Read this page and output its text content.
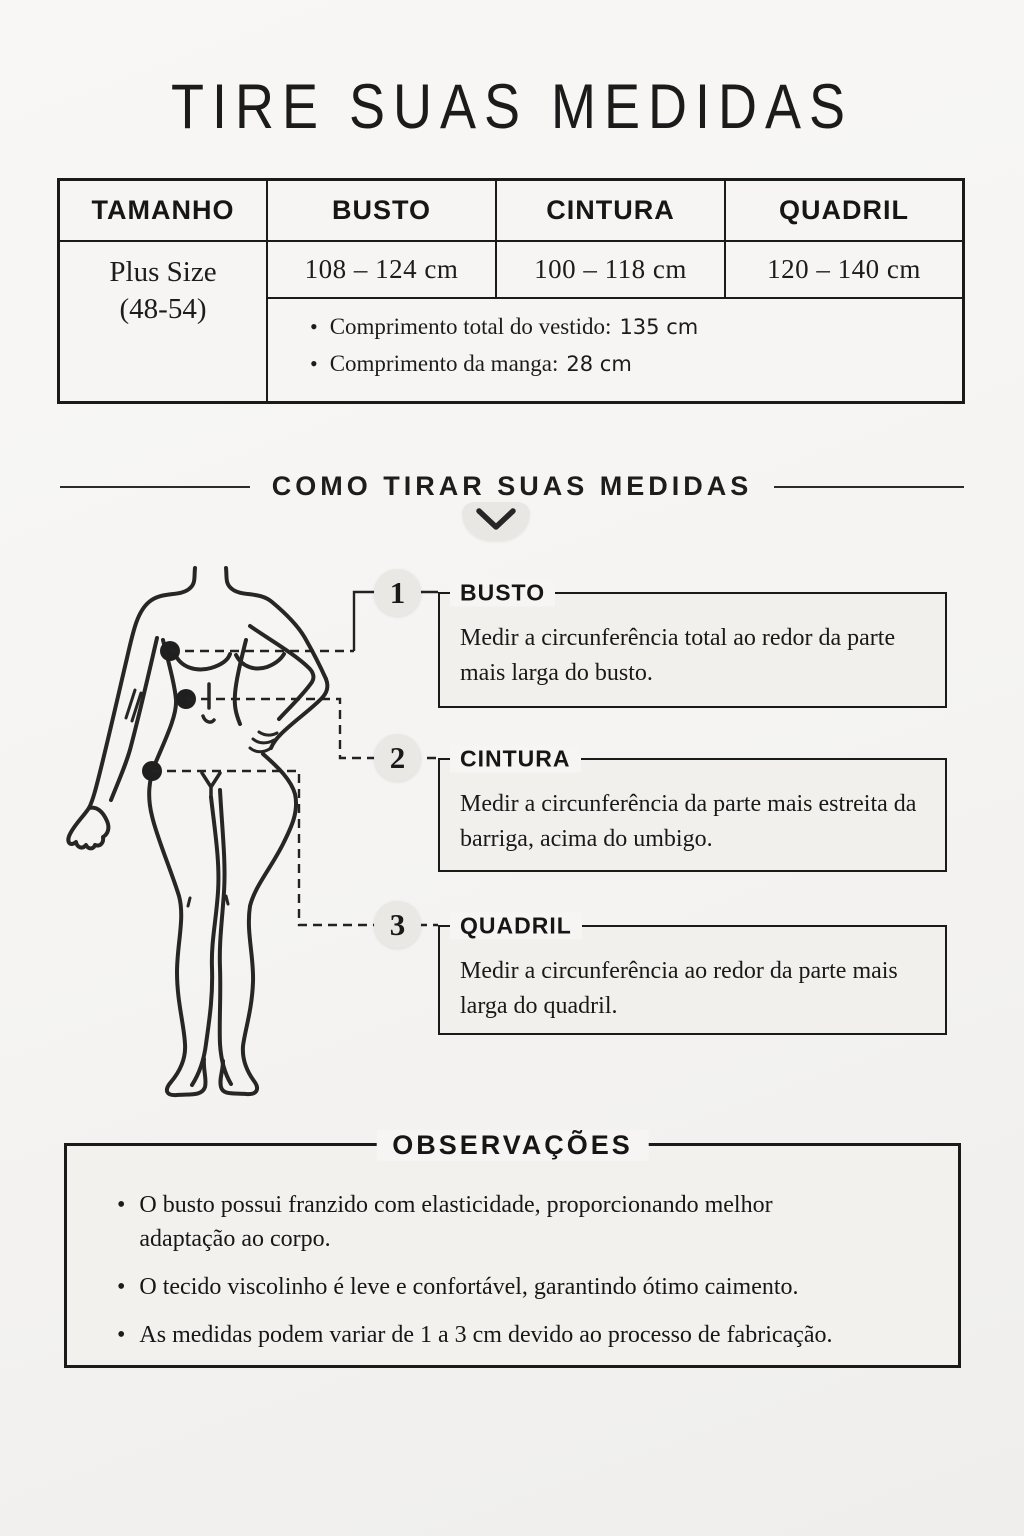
TIRE SUAS MEDIDAS
TAMANHO	BUSTO	CINTURA	QUADRIL
Plus Size
(48-54)
108 – 124 cm	100 – 118 cm	120 – 140 cm
• Comprimento total do vestido: 135 cm
• Comprimento da manga: 28 cm
COMO TIRAR SUAS MEDIDAS
1
2
3
BUSTO
Medir a circunferência total ao redor da parte mais larga do busto.
CINTURA
Medir a circunferência da parte mais estreita da barriga, acima do umbigo.
QUADRIL
Medir a circunferência ao redor da parte mais larga do quadril.
OBSERVAÇÕES
• O busto possui franzido com elasticidade, proporcionando melhor adaptação ao corpo.
• O tecido viscolinho é leve e confortável, garantindo ótimo caimento.
• As medidas podem variar de 1 a 3 cm devido ao processo de fabricação.
